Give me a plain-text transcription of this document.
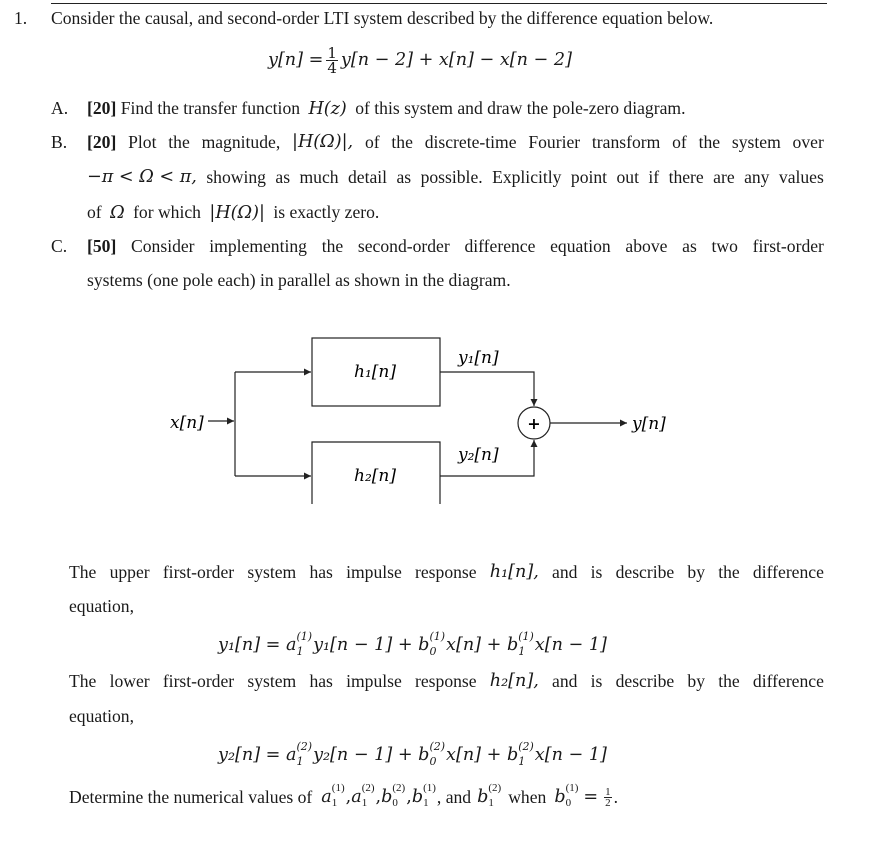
1. Consider the causal, and second-order LTI system described by the difference equation below.
$y[n] = \frac{1}{4} y[n - 2] + x[n] - x[n - 2]$
A. [20] Find the transfer function H(z) of this system and draw the pole-zero diagram.
B. [20] Plot the magnitude, |H(Ω)|, of the discrete-time Fourier transform of the system over
−π < Ω < π, showing as much detail as possible. Explicitly point out if there are any values
of Ω for which |H(Ω)| is exactly zero.
C. [50] Consider implementing the second-order difference equation above as two first-order
systems (one pole each) in parallel as shown in the diagram.
x[n]
h₁[n]
h₂[n]
y₁[n]
y₂[n]
+	y[n]
The upper first-order system has impulse response h₁[n], and is describe by the difference
equation,
y₁[n] = a (1)
1 y₁[n − 1] + b (1)
0 x[n] + b (1)
1 x[n − 1]
The lower first-order system has impulse response h₂[n], and is describe by the difference
equation,
y₂[n] = a (2)
1 y₂[n − 1] + b (2)
0 x[n] + b (2)
1 x[n − 1]
Determine the numerical values of a (1)
1 , a (2)
1 , b (2)
0 , b (1)
1 , and b (2)
1 when b (1)
$0 = \frac{1}{2}$ .
